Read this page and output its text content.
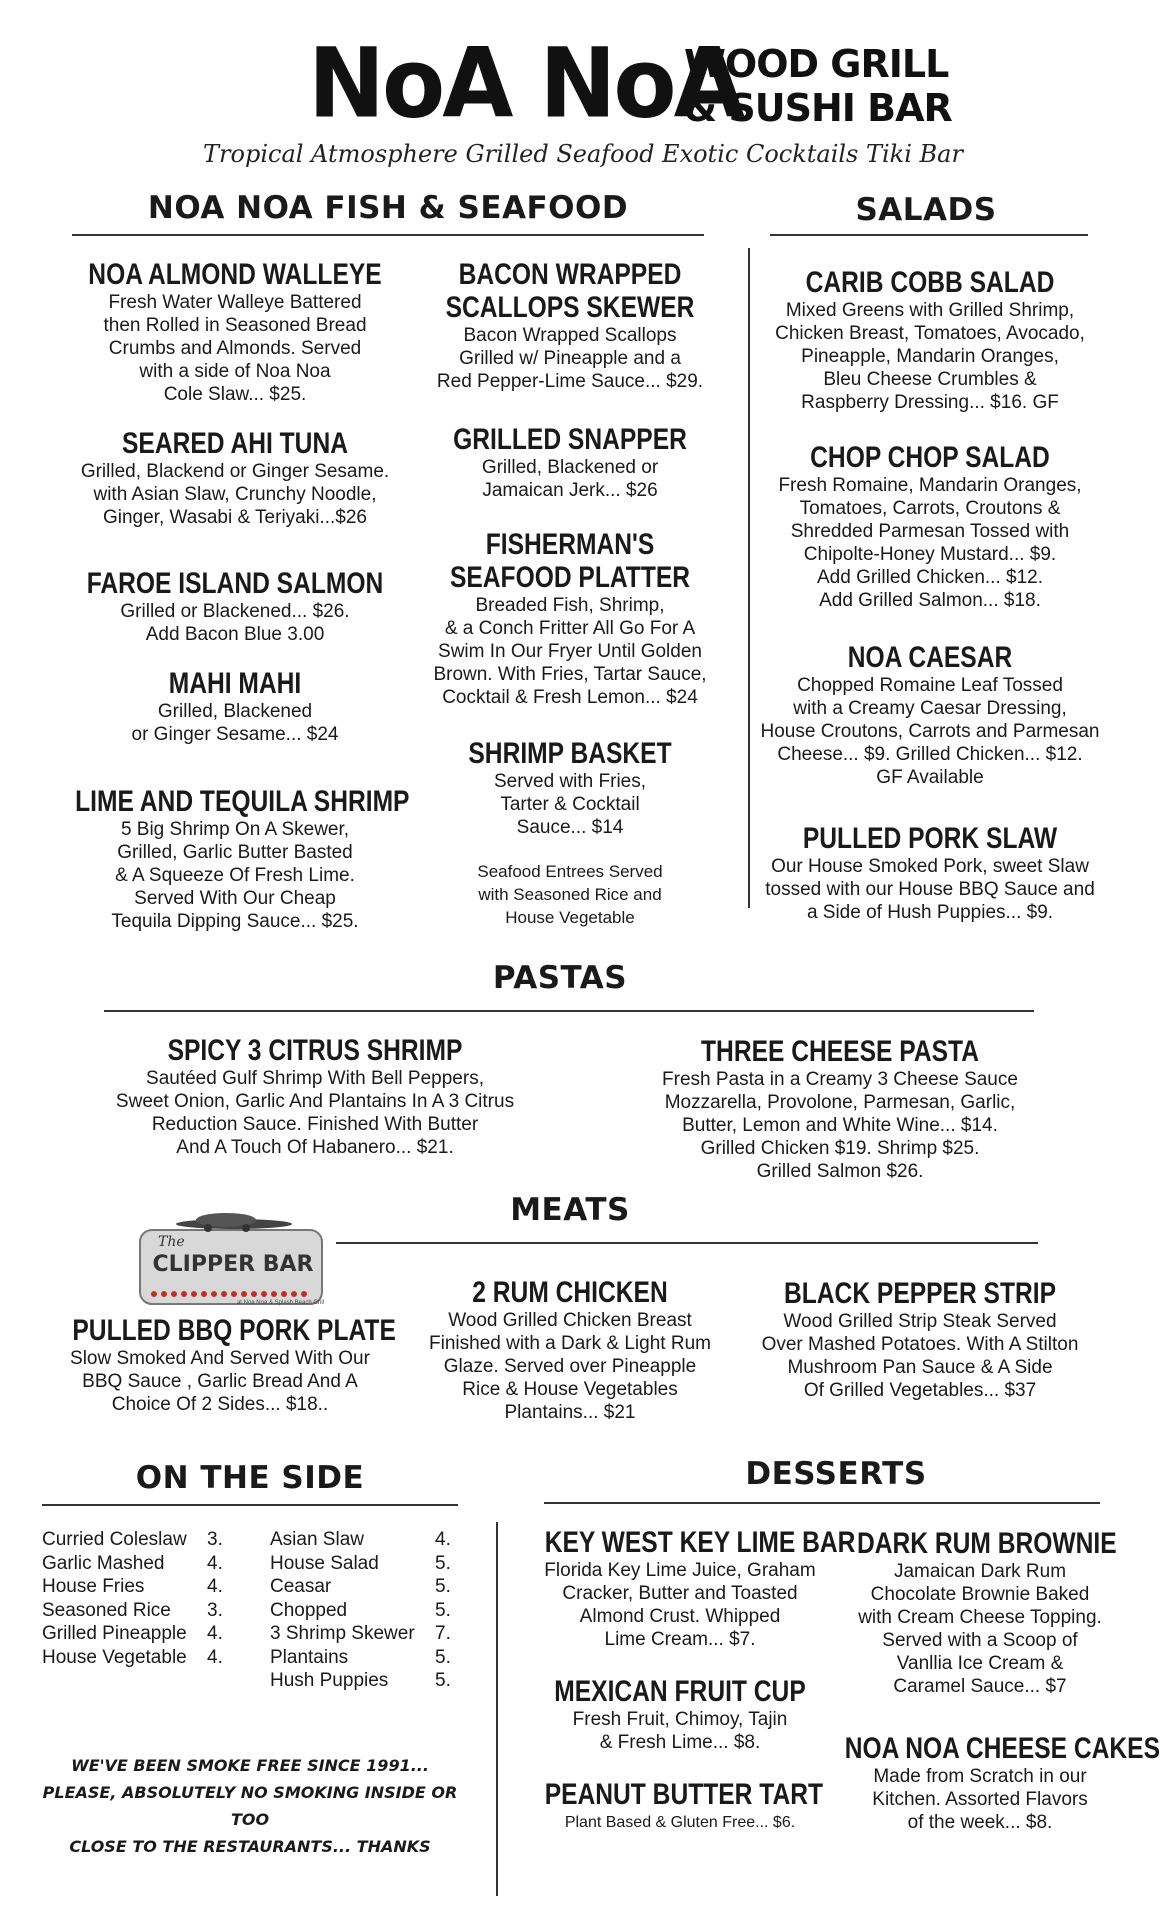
NoA NoA
WOOD GRILL
& SUSHI BAR
Tropical Atmosphere Grilled Seafood Exotic Cocktails Tiki Bar
NOA NOA FISH & SEAFOOD
NOA ALMOND WALLEYE
Fresh Water Walleye Battered
then Rolled in Seasoned Bread
Crumbs and Almonds. Served
with a side of Noa Noa
Cole Slaw... $25.
SEARED AHI TUNA
Grilled, Blackend or Ginger Sesame.
with Asian Slaw, Crunchy Noodle,
Ginger, Wasabi & Teriyaki...$26
FAROE ISLAND SALMON
Grilled or Blackened... $26.
Add Bacon Blue 3.00
MAHI MAHI
Grilled, Blackened
or Ginger Sesame... $24
LIME AND TEQUILA SHRIMP
5 Big Shrimp On A Skewer,
Grilled, Garlic Butter Basted
& A Squeeze Of Fresh Lime.
Served With Our Cheap
Tequila Dipping Sauce... $25.
BACON WRAPPED
SCALLOPS SKEWER
Bacon Wrapped Scallops
Grilled w/ Pineapple and a
Red Pepper-Lime Sauce... $29.
GRILLED SNAPPER
Grilled, Blackened or
Jamaican Jerk... $26
FISHERMAN'S
SEAFOOD PLATTER
Breaded Fish, Shrimp,
& a Conch Fritter All Go For A
Swim In Our Fryer Until Golden
Brown. With Fries, Tartar Sauce,
Cocktail & Fresh Lemon... $24
SHRIMP BASKET
Served with Fries,
Tarter & Cocktail
Sauce... $14
Seafood Entrees Served
with Seasoned Rice and
House Vegetable
SALADS
CARIB COBB SALAD
Mixed Greens with Grilled Shrimp,
Chicken Breast, Tomatoes, Avocado,
Pineapple, Mandarin Oranges,
Bleu Cheese Crumbles &
Raspberry Dressing... $16. GF
CHOP CHOP SALAD
Fresh Romaine, Mandarin Oranges,
Tomatoes, Carrots, Croutons &
Shredded Parmesan Tossed with
Chipolte-Honey Mustard... $9.
Add Grilled Chicken... $12.
Add Grilled Salmon... $18.
NOA CAESAR
Chopped Romaine Leaf Tossed
with a Creamy Caesar Dressing,
House Croutons, Carrots and Parmesan
Cheese... $9. Grilled Chicken... $12.
GF Available
PULLED PORK SLAW
Our House Smoked Pork, sweet Slaw
tossed with our House BBQ Sauce and
a Side of Hush Puppies... $9.
PASTAS
SPICY 3 CITRUS SHRIMP
Sautéed Gulf Shrimp With Bell Peppers,
Sweet Onion, Garlic And Plantains In A 3 Citrus
Reduction Sauce. Finished With Butter
And A Touch Of Habanero... $21.
THREE CHEESE PASTA
Fresh Pasta in a Creamy 3 Cheese Sauce
Mozzarella, Provolone, Parmesan, Garlic,
Butter, Lemon and White Wine... $14.
Grilled Chicken $19. Shrimp $25.
Grilled Salmon $26.
MEATS
The
CLIPPER BAR
at Noa Noa & Splash Beach Grill
PULLED BBQ PORK PLATE
Slow Smoked And Served With Our
BBQ Sauce , Garlic Bread And A
Choice Of 2 Sides... $18..
2 RUM CHICKEN
Wood Grilled Chicken Breast
Finished with a Dark & Light Rum
Glaze. Served over Pineapple
Rice & House Vegetables
Plantains... $21
BLACK PEPPER STRIP
Wood Grilled Strip Steak Served
Over Mashed Potatoes. With A Stilton
Mushroom Pan Sauce & A Side
Of Grilled Vegetables... $37
ON THE SIDE
Curried Coleslaw	3.
Garlic Mashed	4.
House Fries	4.
Seasoned Rice	3.
Grilled Pineapple	4.
House Vegetable	4.
Asian Slaw	4.
House Salad	5.
Ceasar	5.
Chopped	5.
3 Shrimp Skewer	7.
Plantains	5.
Hush Puppies	5.
WE'VE BEEN SMOKE FREE SINCE 1991...
PLEASE, ABSOLUTELY NO SMOKING INSIDE OR TOO
CLOSE TO THE RESTAURANTS... THANKS
DESSERTS
KEY WEST KEY LIME BAR
Florida Key Lime Juice, Graham
Cracker, Butter and Toasted
Almond Crust. Whipped
Lime Cream... $7.
MEXICAN FRUIT CUP
Fresh Fruit, Chimoy, Tajin
& Fresh Lime... $8.
PEANUT BUTTER TART
Plant Based & Gluten Free... $6.
DARK RUM BROWNIE
Jamaican Dark Rum
Chocolate Brownie Baked
with Cream Cheese Topping.
Served with a Scoop of
Vanllia Ice Cream &
Caramel Sauce... $7
NOA NOA CHEESE CAKES
Made from Scratch in our
Kitchen. Assorted Flavors
of the week... $8.
